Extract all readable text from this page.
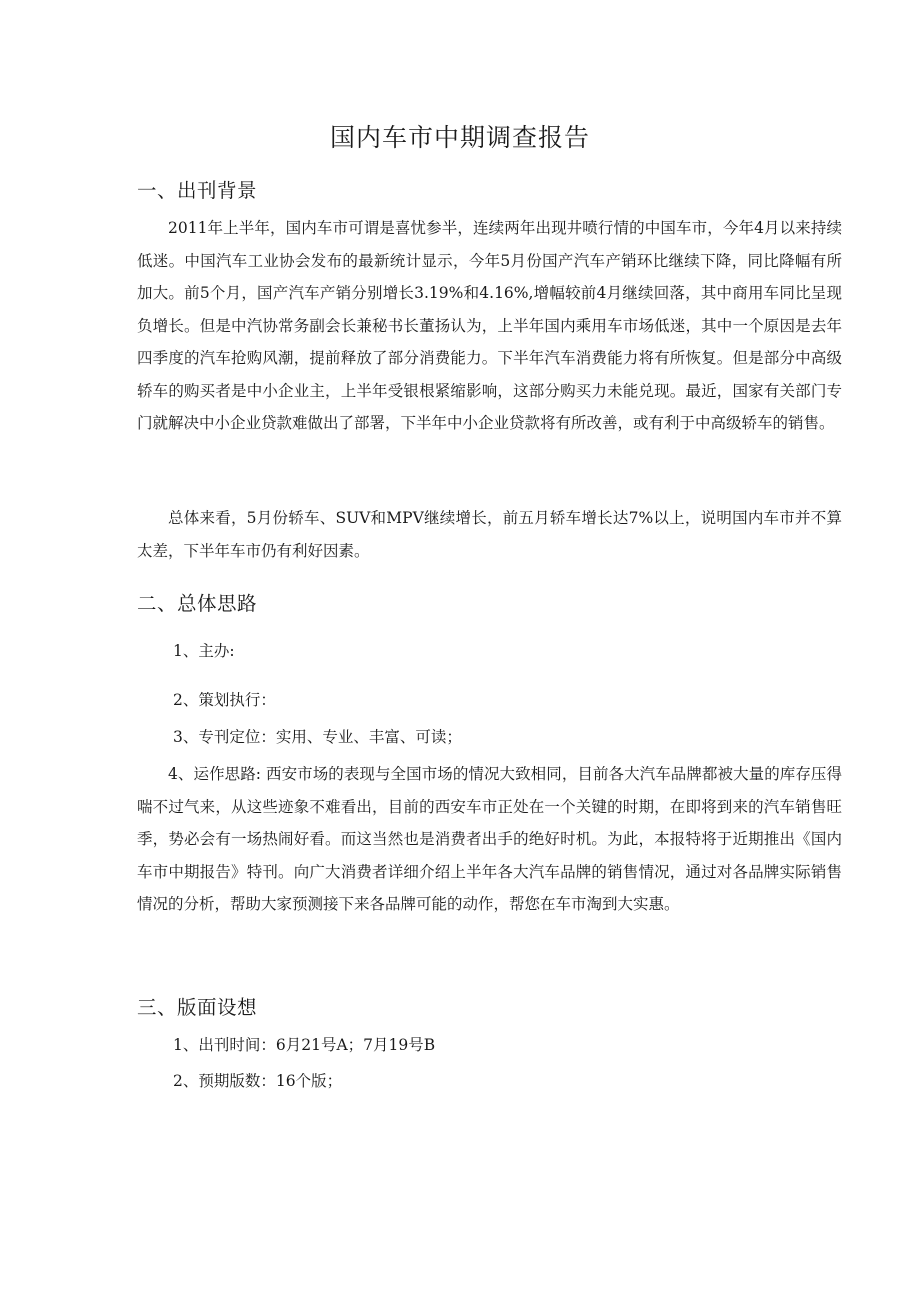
国内车市中期调查报告
一、出刊背景

2011年上半年，国内车市可谓是喜忧参半，连续两年出现井喷行情的中国车市，今年4月以来持续低迷。中国汽车工业协会发布的最新统计显示，今年5月份国产汽车产销环比继续下降，同比降幅有所加大。前5个月，国产汽车产销分别增长3.19%和4.16%,增幅较前4月继续回落，其中商用车同比呈现负增长。但是中汽协常务副会长兼秘书长董扬认为，上半年国内乘用车市场低迷，其中一个原因是去年四季度的汽车抢购风潮，提前释放了部分消费能力。下半年汽车消费能力将有所恢复。但是部分中高级轿车的购买者是中小企业主，上半年受银根紧缩影响，这部分购买力未能兑现。最近，国家有关部门专门就解决中小企业贷款难做出了部署，下半年中小企业贷款将有所改善，或有利于中高级轿车的销售。

总体来看，5月份轿车、SUV和MPV继续增长，前五月轿车增长达7%以上，说明国内车市并不算太差，下半年车市仍有利好因素。

二、总体思路
1、主办:
2、策划执行：
3、专刊定位：实用、专业、丰富、可读；

4、运作思路: 西安市场的表现与全国市场的情况大致相同，目前各大汽车品牌都被大量的库存压得喘不过气来，从这些迹象不难看出，目前的西安车市正处在一个关键的时期，在即将到来的汽车销售旺季，势必会有一场热闹好看。而这当然也是消费者出手的绝好时机。为此，本报特将于近期推出《国内车市中期报告》特刊。向广大消费者详细介绍上半年各大汽车品牌的销售情况，通过对各品牌实际销售情况的分析，帮助大家预测接下来各品牌可能的动作，帮您在车市淘到大实惠。

三、版面设想
1、出刊时间：6月21号A；7月19号B
2、预期版数：16个版；
